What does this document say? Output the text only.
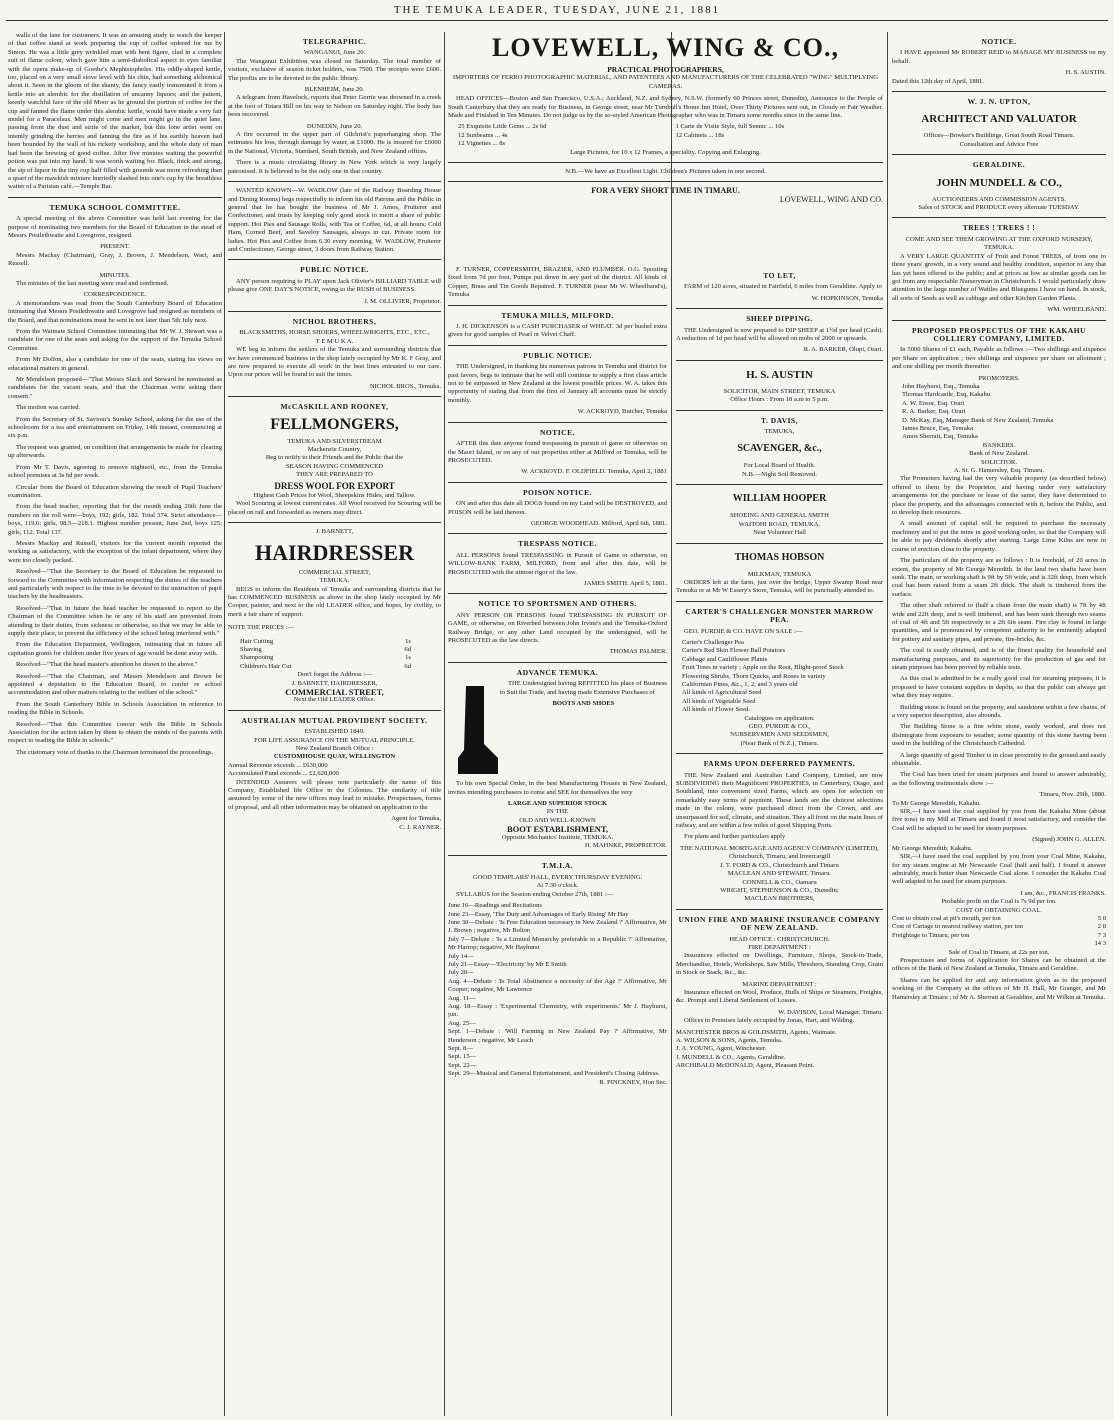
THE TEMUKA LEADER, TUESDAY, JUNE 21, 1881

walls of the lane for customers. It was an amusing study to watch the keeper of that coffee stand at work preparing the cup of coffee ordered for me by Simon. He was a little grey wrinkled man with bent figure, clad in a complete suit of flame colour, which gave him a semi-diabolical aspect to eyes familiar with the opera make-up of Goethe's Mephistopheles. His oddly-shaped kettle, too, placed on a very small stove level with his chin, had something alchemical about it. Seen in the gloom of the shanty, the fancy easily transmuted it from a kettle into an alembic for the distillation of uncanny liquors; and the patient, keenly watchful face of the old Moor as he ground the portion of coffee for the cup and fanned the flame under this alembic kettle, would have made a very fair model for a Paracelsus. Men might come and men might go in the quiet lane, passing from the dust and strife of the market, but this lone artist went on intently grinding the berries and fanning the fire as if his earthly heaven had been bounded by the wall of his rickety workshop, and the whole duty of man had been the brewing of good coffee. After five minutes waiting the powerful potion was put into my hand. It was worth waiting for. Black, thick and strong, the sip of liquor in the tiny cup half filled with grounds was more refreshing than a quart of the mawkish mixture hurriedly slashed into one's cup by the breathless waiter of a Parisian café.—Temple Bar.

TEMUKA SCHOOL COMMITTEE.

A special meeting of the above Committee was held last evening for the purpose of nominating two members for the Board of Education in the stead of Messrs Postlethwaite and Lovegrove, resigned.

PRESENT.

Messrs Mackay (Chairman), Gray, J. Brown, J. Mendelson, Wact, and Russell.

MINUTES.

The minutes of the last meeting were read and confirmed.

CORRESPONDENCE.

A memorandum was read from the South Canterbury Board of Education intimating that Messrs Postlethwaite and Lovegrove had resigned as members of the Board, and that nominations must be sent in not later than 5th July next.

From the Waimate School Committee intimating that Mr W. J. Stewart was a candidate for one of the seats and asking for the support of the Temuka School Committee.

From Mr Dolfon, also a candidate for one of the seats, stating his views on educational matters in general.

Mr Mendelson proposed—"That Messrs Slack and Steward be nominated as candidates for the vacant seats, and that the Chairman write asking their consent."

The motion was carried.

From the Secretary of St. Saviour's Sunday School, asking for the use of the schoolroom for a tea and entertainment on Friday, 14th instant, commencing at six p.m.

The request was granted, on condition that arrangements be made for clearing up afterwards.

From Mr T. Davis, agreeing to remove nightsoil, etc., from the Temuka school premises at 3s 6d per week.

Circular from the Board of Education showing the result of Pupil Teachers' examination.

From the head teacher, reporting that for the month ending 26th June the numbers on the roll were—boys, 192; girls, 182. Total 374. Strict attendance—boys, 119.6; girls, 98.5—218.1. Highest number present, June 2nd, boys 125; girls, 112. Total 137.

Messrs Mackay and Russell, visitors for the current month reported the working as satisfactory, with the exception of the infant department, where they were too closely packed.

Resolved—"That the Secretary to the Board of Education be requested to forward to the Committee with information respecting the duties of the teachers and particularly with respect to the time to be devoted to the instruction of pupil teachers by the headmasters.

Resolved—"That in future the head teacher be requested to report to the Chairman of the Committee when he or any of his staff are prevented from attending to their duties, from sickness or otherwise, so that we may be able to supply their place, to prevent the efficiency of the school being interfered with."

From the Education Department, Wellington, intimating that in future all capitation grants for children under five years of age would be done away with.

Resolved—"That the head master's attention be drawn to the above."

Resolved—"That the Chairman, and Messrs Mendelson and Brown be appointed a deputation to the Education Board, to confer re school accommodation and other matters relating to the welfare of the school."

From the South Canterbury Bible in Schools Association in reference to reading the Bible in Schools.

Resolved—"That this Committee concur with the Bible in Schools Association for the action taken by them to obtain the minds of the parents with respect to reading the Bible in schools."

The customary vote of thanks to the Chairman terminated the proceedings.

TELEGRAPHIC.
WANGANUI, June 20.

The Wanganui Exhibition was closed on Saturday. The total number of visitors, exclusive of season ticket holders, was 7500. The receipts were £600. The profits are to be devoted to the public library.

BLENHEIM, June 20.

A telegram from Havelock, reports that Peter Gorrie was drowned in a creek at the foot of Totara Hill on his way to Nelson on Saturday night. The body has been recovered.

DUNEDIN, June 20.

A fire occurred in the upper part of Gilchrist's paperhanging shop. The estimates his loss, through damage by water, at £1000. He is insured for £6000 in the National, Victoria, Standard, South British, and New Zealand offices.

There is a music circulating library in New York which is very largely patronised. It is believed to be the only one in that country.

WANTED KNOWN—W. WADLOW (late of the Railway Boarding House and Dining Rooms) begs respectfully to inform his old Patrons and the Public in general that he has bought the business of Mr J. Amos, Fruiterer and Confectioner, and trusts by keeping only good stock to merit a share of public support. Hot Pies and Sausage Rolls, with Tea or Coffee, 6d, at all hours; Cold Ham, Corned Beef, and Saveloy Sausages, always in cut. Private room for ladies. Hot Pies and Coffee from 6.30 every morning. W. WADLOW, Fruiterer and Confectioner, George street, 3 doors from Railway Station.

PUBLIC NOTICE.

ANY person requiring to PLAY upon Jack Olivier's BILLIARD TABLE will please give ONE DAY'S NOTICE, owing to the RUSH of BUSINESS.

J. M. OLLIVIER, Proprietor.
NICHOL BROTHERS,
BLACKSMITHS, HORSE SHOERS, WHEELWRIGHTS, ETC., ETC.,
T E M U K A.

WE beg to inform the settlers of the Temuka and surrounding districts that we have commenced business in the shop lately occupied by Mr K. F Gray, and are now prepared to execute all work in the best lines entrusted to our care. Upon our prices will be found to suit the times.

NICHOL BROS., Temuka.
McCASKILL AND ROONEY,
FELLMONGERS,
TEMUKA AND SILVERSTREAM
Mackenzie Country,
Beg to notify to their Friends and the Public that the
SEASON HAVING COMMENCED
THEY ARE PREPARED TO
DRESS WOOL FOR EXPORT
Highest Cash Prices for Wool, Sheepskins Hides, and Tallow.

Wool Scouring at lowest current rates. All Wool received for Scouring will be placed on rail and forwarded as owners may direct.

J. BARNETT,
HAIRDRESSER
COMMERCIAL STREET,
TEMUKA.

BEGS to inform the Residents of Temuka and surrounding districts that he has COMMENCED BUSINESS as above in the shop lately occupied by Mr Cooper, painter, and next to the old LEADER office, and hopes, by civility, to merit a fair share of support.

NOTE THE PRICES :—
Hair Cutting	1s
Shaving	6d
Shampooing	1s
Children's Hair Cut	6d
Don't forget the Address :—
J. BARNETT, HAIRDRESSER,
COMMERCIAL STREET,
Next the Old LEADER Office.
AUSTRALIAN MUTUAL PROVIDENT SOCIETY.
ESTABLISHED 1849.
FOR LIFE ASSURANCE ON THE MUTUAL PRINCIPLE.
New Zealand Branch Office :
CUSTOMHOUSE QUAY, WELLINGTON
Annual Revenue exceeds ... £630,000
Accumulated Fund exceeds ... £2,620,000

INTENDED Assurers will please note particularly the name of this Company, Established life Office in the Colonies. The similarity of title assumed by some of the new offices may lead to mistake. Prospectuses, forms of proposal, and all other information may be obtained on application to the

Agent for Temuka,
C. J. RAYNER.
LOVEWELL, WING & CO.,
PRACTICAL PHOTOGRAPHERS,
IMPORTERS OF FERRO PHOTOGRAPHIC MATERIAL, AND PATENTEES AND MANUFACTURERS OF THE CELEBRATED "WING" MULTIPLYING CAMERAS.

HEAD OFFICES—Boston and San Francisco, U.S.A.; Auckland, N.Z. and Sydney, N.S.W. (formerly 60 Princes street, Dunedin), Announce to the People of South Canterbury that they are ready for Business, in George street, near Mr Turnbull's Home Inn Hotel, Over Thirty Pictures sent out, in Cloudy or Fair Weather. Made and Finished in Ten Minutes. Do not judge us by the so-styled American Photographer who was in Timaru some months since in the same line.

25 Exquisite Little Gems ... 2s 6d
12 Sunbeams ... 4s
12 Vignettes ... 8s
1 Carte de Visite Style, full Sennic ... 10s
12 Cabinets ... 18s
Large Pictures, for 10 x 12 Frames, a speciality. Copying and Enlarging.
N.B.—We have an Excellent Light. Children's Pictures taken in one second.
FOR A VERY SHORT TIME IN TIMARU.
LOVEWELL, WING AND CO.

F. TURNER, COPPERSMITH, BRAZIER, AND PLUMBER. O.G. Spouting fixed from 7d per foot. Pumps put down in any part of the district. All kinds of Copper, Brass and Tin Goods Repaired. F. TURNER (near Mr W. Wheelband's), Temuka

TEMUKA MILLS, MILFORD.

J. H. DICKENSON is a CASH PURCHASER of WHEAT. 3d per bushel extra given for good samples of Pearl or Velvet Chaff.

PUBLIC NOTICE.

THE Undersigned, in thanking his numerous patrons in Temuka and district for past favors, begs to intimate that he will still continue to supply a first class article not to be surpassed in New Zealand at the lowest possible prices. W. A. takes this opportunity of stating that from the first of January all accounts must be strictly monthly.

W. ACKROYD, Butcher, Temuka
NOTICE.

AFTER this date anyone found trespassing in pursuit of game or otherwise on the Maori Island, or on any of our properties either at Milford or Temuka, will be PROSECUTED.

W. ACKROYD. F. OLDFIELD. Temuka, April 2, 1881
POISON NOTICE.

ON and after this date all DOGS found on my Land will be DESTROYED, and POISON will be laid thereon.

GEORGE WOODHEAD. Milford, April 6th, 1881.
TRESPASS NOTICE.

ALL PERSONS found TRESPASSING in Pursuit of Game or otherwise, on WILLOW-BANK FARM, MILFORD, from and after this date, will be PROSECUTED with the utmost rigor of the law.

JAMES SMITH. April 5, 1881.
NOTICE TO SPORTSMEN AND OTHERS.

ANY PERSON OR PERSONS found TRESPASSING IN PURSUIT OF GAME, or otherwise, on Riverbed between John Irvine's and the Temuka-Oxford Railway Bridge, or any other Land occupied by the undersigned, will be PROSECUTED as the law directs.

THOMAS PALMER.
ADVANCE TEMUKA.

THE Undersigned having REFITTED his place of Business to Suit the Trade, and having made Extensive Purchases of

BOOTS AND SHOES

To his own Special Order, in the best Manufacturing Houses in New Zealand, invites intending purchasers to come and SEE for themselves the very

LARGE AND SUPERIOR STOCK
IN THE
OLD AND WELL-KNOWN
BOOT ESTABLISHMENT,
Opposite Mechanics' Institute, TEMUKA.
H. MAHNKE, PROPRIETOR.
T.M.I.A.
GOOD TEMPLARS' HALL, EVERY THURSDAY EVENING.
At 7.30 o'clock.

SYLLABUS for the Session ending October 27th, 1881 :—

June 16—Readings and Recitations
June 23—Essay, 'The Duty and Advantages of Early Rising' Mr Hay
June 30—Debate : 'Is Free Education necessary in New Zealand ?' Affirmative, Mr J. Brown ; negative, Mr Bolton
July 7—Debate : 'Is a Limited Monarchy preferable to a Republic ?' Affirmative, Mr Harrop; negative, Mr Hayhurst
July 14—
July 21—Essay—'Electricity' by Mr E Smith
July 28—
Aug. 4—Debate : 'Is Total Abstinence a necessity of the Age ?' Affirmative, Mr Cooper; negative, Mr Lawrence
Aug. 11—
Aug. 18—Essay : 'Experimental Chemistry, with experiments.' Mr J. Hayhurst, jun.
Aug. 25—
Sept. 1—Debate : 'Will Farming in New Zealand Pay ?' Affirmative, Mr Henderson ; negative, Mr Leach
Sept. 8—
Sept. 15—
Sept. 22—
Sept. 29—Musical and General Entertainment, and President's Closing Address.
R. PINCKNEY, Hon Sec.
TO LET,

FARM of 120 acres, situated in Fairfield, 6 miles from Geraldine. Apply to

W. HOPKINSON, Temuka
SHEEP DIPPING.

THE Undersigned is now prepared to DIP SHEEP at 1½d per head (Cash). A reduction of 1d per head will be allowed on mobs of 2000 or upwards.

R. A. BARKER, Olupi, Orari.
H. S. AUSTIN
SOLICITOR, MAIN STREET, TEMUKA
Office Hours : From 10 a.m to 5 p.m.
T. DAVIS,
TEMUKA,
SCAVENGER, &c.,
For Local Board of Health.
N.B.—Night Soil Removed.
WILLIAM HOOPER
SHOEING AND GENERAL SMITH
WAITOHI ROAD, TEMUKA.
Near Volunteer Hall
THOMAS HOBSON
MILKMAN, TEMUKA

ORDERS left at the farm, just over the bridge, Upper Swamp Road near Temuka or at Mr W Essery's Store, Temuka, will be punctually attended to.

CARTER'S CHALLENGER MONSTER MARROW PEA.

GEO. PURDIE & CO. HAVE ON SALE :—

Carter's Challenger Pea
Carter's Red Skin Flower Ball Potatoes
Cabbage and Cauliflower Plants
Fruit Trees in variety ; Apple on the Root, Blight-proof Stock
Flowering Shrubs, Thorn Quicks, and Roses in variety
Californian Pines, &c., 1, 2, and 3 years old
All kinds of Agricultural Seed
All kinds of Vegetable Seed
All kinds of Flower Seed.
Catalogues on application.
GEO. PURDIE & CO.,
NURSERYMEN AND SEEDSMEN,
(Near Bank of N.Z.), Timaru.
FARMS UPON DEFERRED PAYMENTS.

THE New Zealand and Australian Land Company, Limited, are now SUBDIVIDING their Magnificent PROPERTIES, in Canterbury, Otago, and Southland, into convenient sized Farms, which are open for selection on remarkably easy terms of payment. These lands are the choicest selections made in the colony, were purchased direct from the Crown, and are unsurpassed for soil, climate, and situation. They all front on the main lines of railway, and are within a few miles of good Shipping Ports.

For plans and further particulars apply

THE NATIONAL MORTGAGE AND AGENCY COMPANY (LIMITED),
Christchurch, Timaru, and Invercargill
J. T. FORD & CO., Christchurch and Timaru
MACLEAN AND STEWART, Timaru.
CONNELL & CO., Oamaru
WRIGHT, STEPHENSON & CO., Dunedin;
MACLEAN BROTHERS,
UNION FIRE AND MARINE INSURANCE COMPANY OF NEW ZEALAND.
HEAD OFFICE : CHRISTCHURCH.
FIRE DEPARTMENT :

Insurances effected on Dwellings, Furniture, Shops, Stock-in-Trade, Merchandise, Hotels, Workshops, Saw Mills, Threshers, Standing Crop, Grain in Stock or Stack, &c., &c.

MARINE DEPARTMENT :

Insurance effected on Wool, Produce, Hulls of Ships or Steamers, Freights, &c. Prompt and Liberal Settlement of Losses.

W. DAVISON, Local Manager, Timaru.

Offices in Premises lately occupied by Jonas, Hart, and Wilding.

MANCHESTER BROS & GOLDSMITH, Agents, Waimate.
A. WILSON & SONS, Agents, Temuka.
J. A. YOUNG, Agent, Winchester.
J. MUNDELL & CO., Agents, Geraldine.
ARCHIBALD McDONALD, Agent, Pleasant Point.
NOTICE.

I HAVE appointed Mr ROBERT REID to MANAGE MY BUSINESS on my behalf.

H. S. AUSTIN.
Dated this 12th day of April, 1881.
W. J. N. UPTON,
ARCHITECT AND VALUATOR
Offices—Bowker's Buildings, Great South Road Timaru.
Consultation and Advice Free
GERALDINE.
JOHN MUNDELL & CO.,
AUCTIONEERS AND COMMISSION AGENTS.
Sales of STOCK and PRODUCE every alternate TUESDAY.
TREES ! TREES ! !
COME AND SEE THEM GROWING AT THE OXFORD NURSERY, TEMUKA.

A VERY LARGE QUANTITY of Fruit and Forest TREES, of from one to three years' growth, in a very sound and healthy condition, superior to any that has yet been offered to the public; and at prices as low as similar goods can be got from any respectable Nurseryman in Christchurch. I would particularly draw attention to the large number of Wattles and Bluegums I have on hand. In stock, all sorts of Seeds as well as cabbage and other Kitchen Garden Plants.

WM. WHEELBAND.
PROPOSED PROSPECTUS OF THE KAKAHU COLLIERY COMPANY, LIMITED.

In 5000 Shares of £1 each, Payable as follows :—Two shillings and sixpence per Share on application ; two shillings and sixpence per share on allotment ; and one shilling per month thereafter.

PROMOTERS.
John Hayhurst, Esq., Temuka
Thomas Hardcastle, Esq, Kakahu
A. W. Ensor, Esq. Orari
R. A. Barker, Esq. Orari
D. McKay, Esq, Manager Bank of New Zealand, Temuka
James Bruce, Esq, Temuka
Amos Sherratt, Esq, Temuka
BANKERS.
Bank of New Zealand.
SOLICITOR.
A. St. G. Hamersley, Esq. Timaru.

The Promoters having had the very valuable property (as described below) offered to them by the Proprietor, and having under very satisfactory arrangements for the purchase or lease of the same, they have determined to place the property, and the advantages connected with it, before the Public, and to develop their resources.

A small amount of capital will be required to purchase the necessary machinery and to put the mine in good working order, so that the Company will be able to pay dividends shortly after starting. Large Lime Kilns are now in course of erection close to the property.

The particulars of the property are as follows : It is freehold, of 20 acres in extent, the property of Mr George Meredith. In the land two shafts have been sunk. The main, or working shaft is 9ft by 5ft wide, and is 32ft deep, from which coal has been raised from a seam 2ft thick. The shaft is timbered from the surface.

The other shaft referred to (half a chain from the main shaft) is 7ft by 4ft wide and 22ft deep, and is well timbered, and has been sunk through two seams of coal of 4ft and 5ft respectively to a 2ft 6in seam. Fire clay is found in large quantities, and is pronounced by competent authority to be eminently adapted for pottery and sanitary pipes, and private, fire-bricks, &c.

The coal is easily obtained, and is of the finest quality for household and manufacturing purposes, and its superiority for the production of gas and for steam purposes has been proved by reliable tests.

As this coal is admitted to be a really good coal for steaming purposes, it is proposed to have constant supplies in depôts, so that the public can always get what they may require.

Building stone is found on the property, and sandstone within a few chains, of a very superior description, also abounds.

The Building Stone is a fine white stone, easily worked, and does not disintegrate from exposure to weather, some quantity of this stone having been used in the building of the Christchurch Cathedral.

A large quantity of good Timber is in close proximity to the ground and easily obtainable.

The Coal has been tried for steam purposes and found to answer admirably, as the following testimonials show :—

Timaru, Nov. 29th, 1880.
To Mr George Meredith, Kakahu.

SIR,—I have used the coal supplied by you from the Kakahu Mine (about five tons) in my Mill at Timaru and found it most satisfactory, and consider the Coal will be adapted to be used for steam purposes.

(Signed) JOHN G. ALLEN.
Mr George Meredith, Kakahu.

SIR,—I have used the coal supplied by you from your Coal Mine, Kakahu, for my steam engine at Mr Newcastle Coal (half and half). I found it answer admirably, much better than Newcastle Coal alone. I consider the Kakahu Coal well adapted to be used for steam purposes.

I am, &c., FRANCIS FRANKS.
Probable profit on the Coal is 7s 9d per ton.
COST OF OBTAINING COAL.
Cost to obtain coal at pit's mouth, per ton	5 0
Cost of Cartage to nearest railway station, per ton	2 0
Freightage to Timaru, per ton	7 3
14 3
Sale of Coal in Timaru, at 22s per ton.

Prospectuses and forms of Application for Shares can be obtained at the offices of the Bank of New Zealand at Temuka, Timaru and Geraldine.

Shares can be applied for and any information given as to the proposed working of the Company at the offices of Mr H. Hall, Mr Granger, and Mr Hamersley at Timaru ; of Mr A. Sherratt at Geraldine, and Mr Wilkin at Temuka.
